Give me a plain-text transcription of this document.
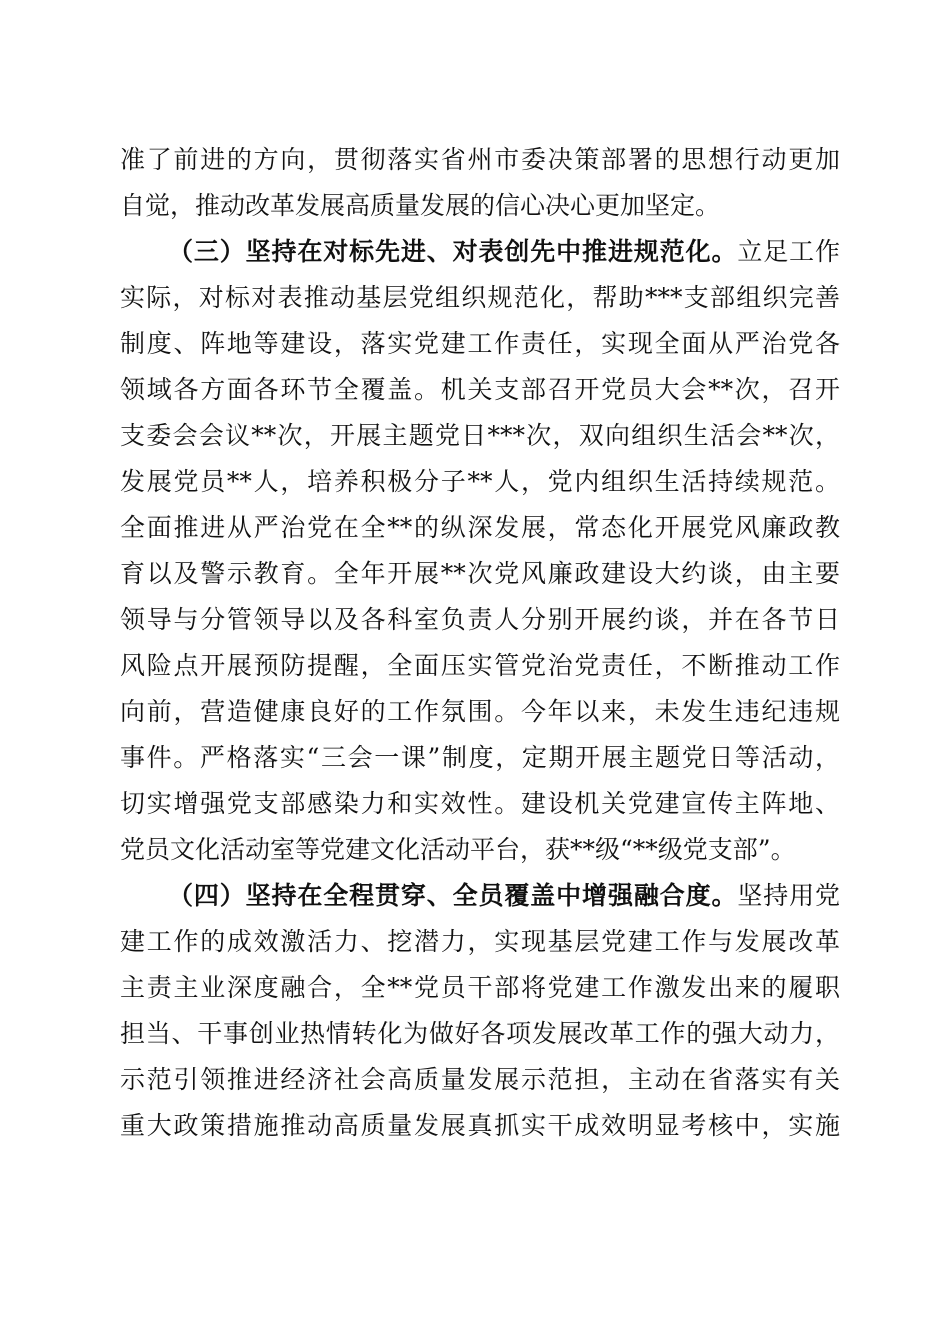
准了前进的方向，贯彻落实省州市委决策部署的思想行动更加
自觉，推动改革发展高质量发展的信心决心更加坚定。
（三）坚持在对标先进、对表创先中推进规范化。立足工作
实际，对标对表推动基层党组织规范化，帮助***支部组织完善
制度、阵地等建设，落实党建工作责任，实现全面从严治党各
领域各方面各环节全覆盖。机关支部召开党员大会**次，召开
支委会会议**次，开展主题党日***次，双向组织生活会**次，
发展党员**人，培养积极分子**人，党内组织生活持续规范。
全面推进从严治党在全**的纵深发展，常态化开展党风廉政教
育以及警示教育。全年开展**次党风廉政建设大约谈，由主要
领导与分管领导以及各科室负责人分别开展约谈，并在各节日
风险点开展预防提醒，全面压实管党治党责任，不断推动工作
向前，营造健康良好的工作氛围。今年以来，未发生违纪违规
事件。严格落实“三会一课”制度，定期开展主题党日等活动，
切实增强党支部感染力和实效性。建设机关党建宣传主阵地、
党员文化活动室等党建文化活动平台，获**级“**级党支部”。
（四）坚持在全程贯穿、全员覆盖中增强融合度。坚持用党
建工作的成效激活力、挖潜力，实现基层党建工作与发展改革
主责主业深度融合，全**党员干部将党建工作激发出来的履职
担当、干事创业热情转化为做好各项发展改革工作的强大动力，
示范引领推进经济社会高质量发展示范担，主动在省落实有关
重大政策措施推动高质量发展真抓实干成效明显考核中，实施
